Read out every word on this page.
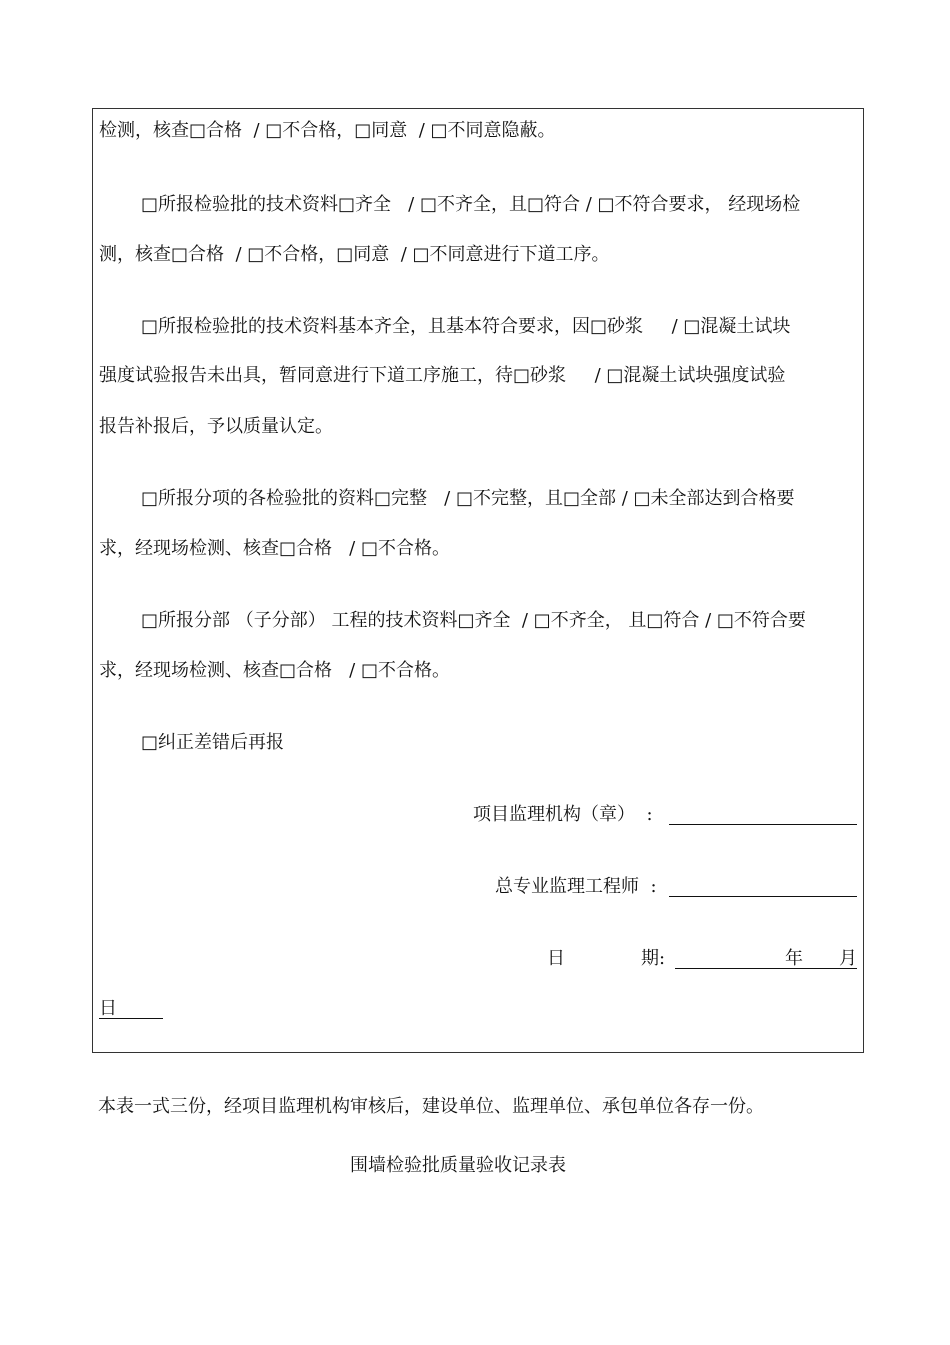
检测，核查□合格  / □不合格，□同意  / □不同意隐蔽。
□所报检验批的技术资料□齐全   / □不齐全，且□符合 / □不符合要求， 经现场检
测，核查□合格  / □不合格，□同意  / □不同意进行下道工序。
□所报检验批的技术资料基本齐全，且基本符合要求，因□砂浆     / □混凝土试块
强度试验报告未出具，暂同意进行下道工序施工，待□砂浆     / □混凝土试块强度试验
报告补报后，予以质量认定。
□所报分项的各检验批的资料□完整   / □不完整，且□全部 / □未全部达到合格要
求，经现场检测、核查□合格   / □不合格。
□所报分部 （子分部） 工程的技术资料□齐全  / □不齐全， 且□符合 / □不符合要
求，经现场检测、核查□合格   / □不合格。
□纠正差错后再报
项目监理机构（章）  :
总专业监理工程师  :
日	期:	年 月
日
本表一式三份，经项目监理机构审核后，建设单位、监理单位、承包单位各存一份。
围墙检验批质量验收记录表
